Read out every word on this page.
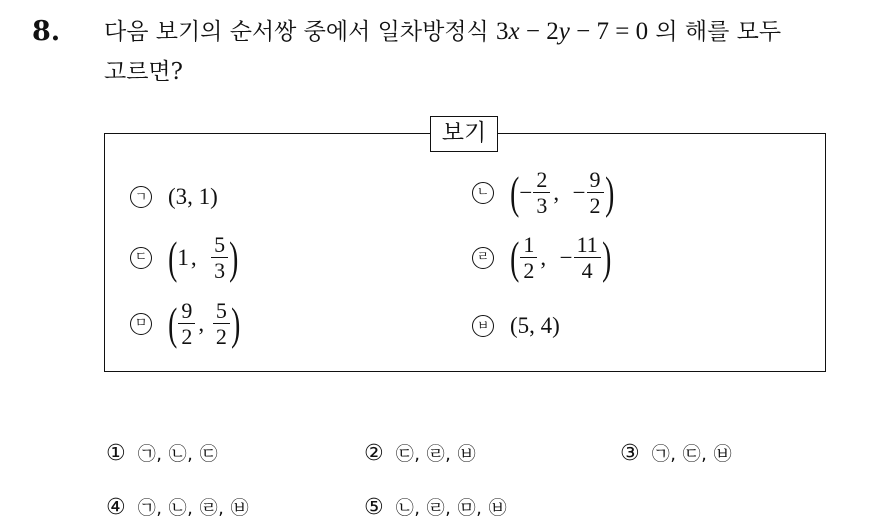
8. 다음 보기의 순서쌍 중에서 일차방정식 3x − 2y − 7 = 0 의 해를 모두
고르면?
보기
ㄱ (3, 1)	ㄴ ( − $\frac{2}{3}$ , − $\frac{9}{2}$ )
ㄷ ( 1 , $\frac{5}{3}$ )	ㄹ ( $\frac{1}{2}$ , − $\frac{11}{4}$ )
ㅁ ( $\frac{9}{2}$ , $\frac{5}{2}$ )	ㅂ (5, 4)
① ㉠, ㉡, ㉢	② ㉢, ㉣, ㉥	③ ㉠, ㉢, ㉥
④ ㉠, ㉡, ㉣, ㉥	⑤ ㉡, ㉣, ㉤, ㉥
